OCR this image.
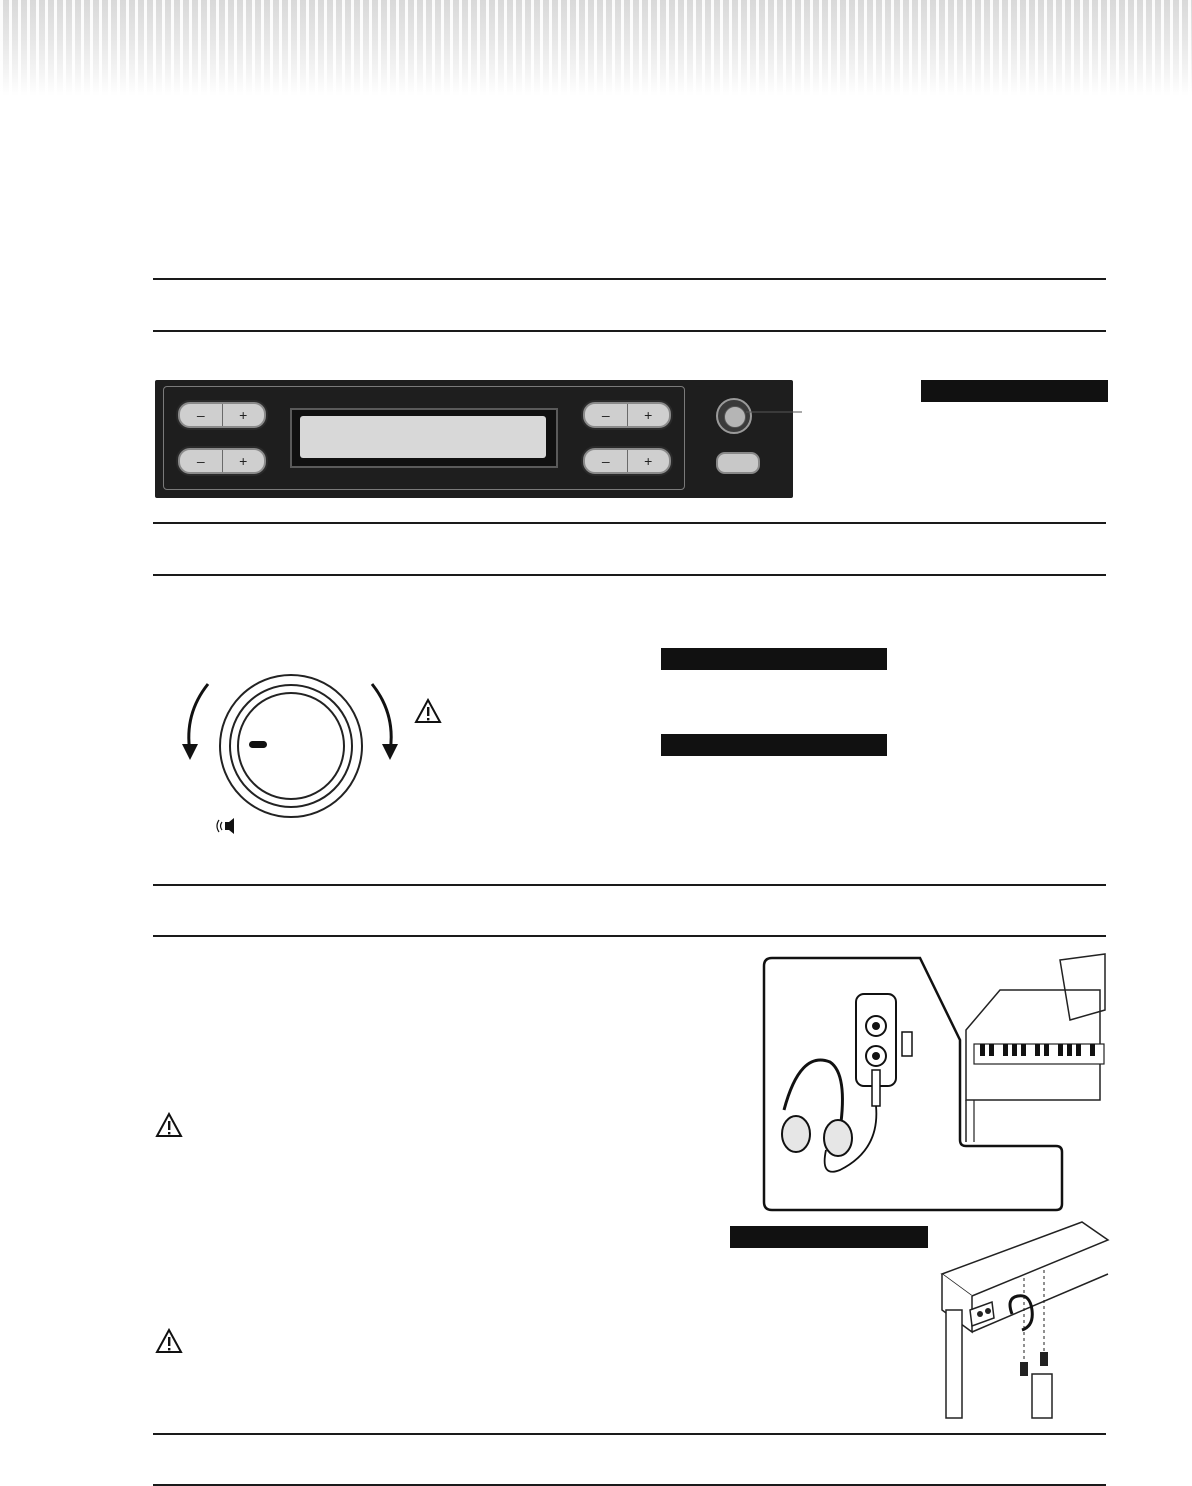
–	+
–	+
–	+
–	+
